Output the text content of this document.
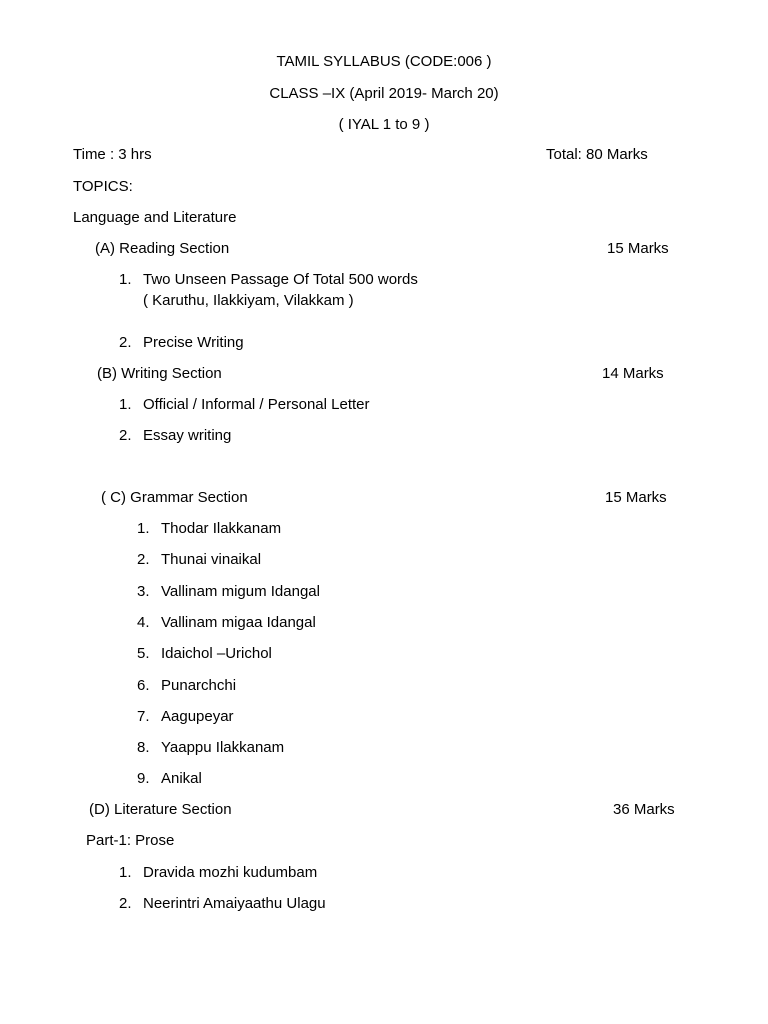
TAMIL SYLLABUS (CODE:006 )
CLASS –IX (April 2019- March 20)
( IYAL 1 to 9 )
Time : 3 hrs	Total: 80 Marks
TOPICS:
Language and Literature
(A) Reading Section	15 Marks
1. Two Unseen Passage Of Total 500 words
( Karuthu, Ilakkiyam, Vilakkam )
2. Precise Writing
(B) Writing Section	14 Marks
1. Official / Informal / Personal Letter
2. Essay writing
( C) Grammar Section	15 Marks
1. Thodar Ilakkanam
2. Thunai vinaikal
3. Vallinam migum Idangal
4. Vallinam migaa Idangal
5. Idaichol –Urichol
6. Punarchchi
7. Aagupeyar
8. Yaappu Ilakkanam
9. Anikal
(D) Literature Section	36 Marks
Part-1: Prose
1. Dravida mozhi kudumbam
2. Neerintri Amaiyaathu Ulagu
